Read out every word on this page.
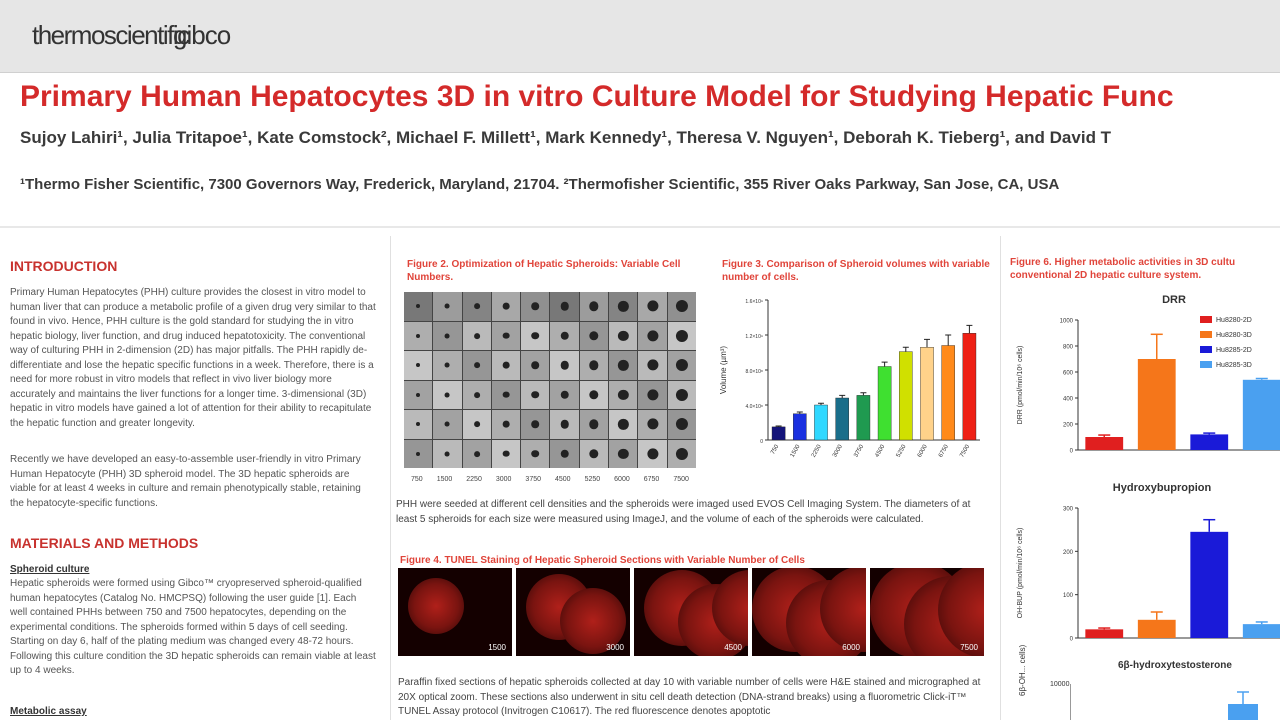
thermoscientific
gibco
Primary Human Hepatocytes 3D in vitro Culture Model for Studying Hepatic Func
Sujoy Lahiri¹, Julia Tritapoe¹, Kate Comstock², Michael F. Millett¹, Mark Kennedy¹, Theresa V. Nguyen¹, Deborah K. Tieberg¹, and David T
¹Thermo Fisher Scientific, 7300 Governors Way, Frederick, Maryland, 21704. ²Thermofisher Scientific, 355 River Oaks Parkway, San Jose, CA, USA
INTRODUCTION
Primary Human Hepatocytes (PHH) culture provides the closest in vitro model to human liver that can produce a metabolic profile of a given drug very similar to that found in vivo. Hence, PHH culture is the gold standard for studying the in vitro hepatic biology, liver function, and drug induced hepatotoxicity. The conventional way of culturing PHH in 2-dimension (2D) has major pitfalls. The PHH rapidly de-differentiate and lose the hepatic specific functions in a week. Therefore, there is a need for more robust in vitro models that reflect in vivo liver biology more accurately and maintains the liver functions for a longer time. 3-dimensional (3D) hepatic in vitro models have gained a lot of attention for their ability to recapitulate the hepatic function and greater longevity.
Recently we have developed an easy-to-assemble user-friendly in vitro Primary Human Hepatocyte (PHH) 3D spheroid model. The 3D hepatic spheroids are viable for at least 4 weeks in culture and remain phenotypically stable, retaining the hepatocyte-specific functions.
MATERIALS AND METHODS
Spheroid culture
Hepatic spheroids were formed using Gibco™ cryopreserved spheroid-qualified human hepatocytes (Catalog No. HMCPSQ) following the user guide [1]. Each well contained PHHs between 750 and 7500 hepatocytes, depending on the experimental conditions. The spheroids formed within 5 days of cell seeding. Starting on day 6, half of the plating medium was changed every 48-72 hours. Following this culture condition the 3D hepatic spheroids can remain viable at least up to 4 weeks.
Metabolic assay
Figure 2. Optimization of Hepatic Spheroids: Variable Cell Numbers.
750 1500 2250 3000 3750 4500 5250 6000 6750 7500
Figure 3. Comparison of Spheroid volumes with variable number of cells.
0
4.0×10⁸
8.0×10⁸
1.2×10⁹
1.6×10⁹
Volume (µm³)
750 1500 2250 3000 3750 4500 5250 6000 6750 7500
PHH were seeded at different cell densities and the spheroids were imaged used EVOS Cell Imaging System. The diameters of at least 5 spheroids for each size were measured using ImageJ, and the volume of each of the spheroids were calculated.
Figure 4. TUNEL Staining of Hepatic Spheroid Sections with Variable Number of Cells
1500	3000	4500	6000	7500
Paraffin fixed sections of hepatic spheroids collected at day 10 with variable number of cells were H&E stained and micrographed at 20X optical zoom. These sections also underwent in situ cell death detection (DNA-strand breaks) using a fluorometric Click-iT™ TUNEL Assay protocol (Invitrogen C10617). The red fluorescence denotes apoptotic
Figure 6. Higher metabolic activities in 3D cultu conventional 2D hepatic culture system.
DRR
0
200
400
600
800
1000
DRR (pmol/min/10⁶ cells)
Hu8280-2D
Hu8280-3D
Hu8285-2D
Hu8285-3D
Hydroxybupropion
0
100
200
300
OH-BUP (pmol/min/10⁶ cells)
6β-hydroxytestosterone
10000
6β-OH... cells)
